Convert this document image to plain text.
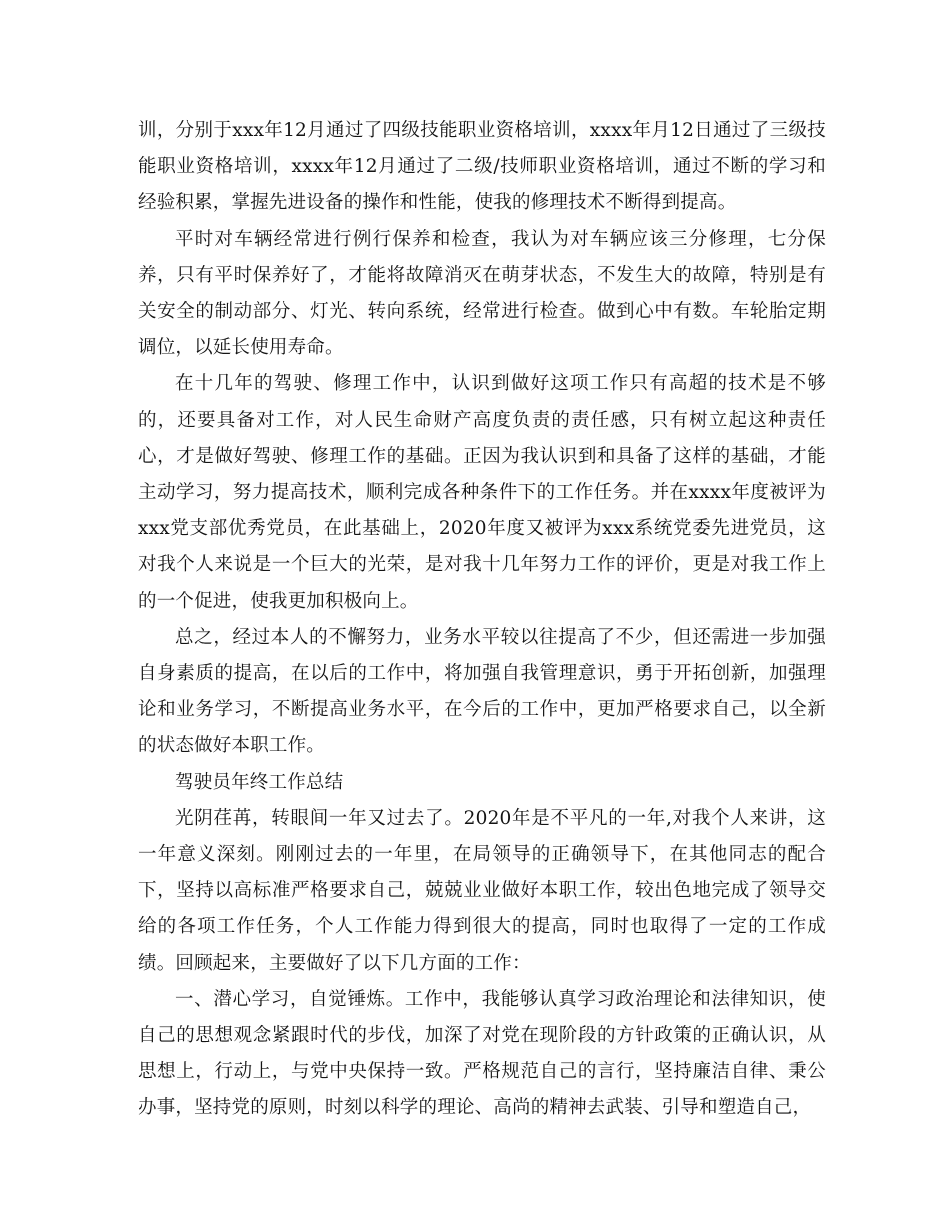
训，分别于xxx年12月通过了四级技能职业资格培训，xxxx年月12日通过了三级技能职业资格培训，xxxx年12月通过了二级/技师职业资格培训，通过不断的学习和经验积累，掌握先进设备的操作和性能，使我的修理技术不断得到提高。

平时对车辆经常进行例行保养和检查，我认为对车辆应该三分修理，七分保养，只有平时保养好了，才能将故障消灭在萌芽状态，不发生大的故障，特别是有关安全的制动部分、灯光、转向系统，经常进行检查。做到心中有数。车轮胎定期调位，以延长使用寿命。

在十几年的驾驶、修理工作中，认识到做好这项工作只有高超的技术是不够的，还要具备对工作，对人民生命财产高度负责的责任感，只有树立起这种责任心，才是做好驾驶、修理工作的基础。正因为我认识到和具备了这样的基础，才能主动学习，努力提高技术，顺利完成各种条件下的工作任务。并在xxxx年度被评为xxx党支部优秀党员，在此基础上，2020年度又被评为xxx系统党委先进党员，这对我个人来说是一个巨大的光荣，是对我十几年努力工作的评价，更是对我工作上的一个促进，使我更加积极向上。

总之，经过本人的不懈努力，业务水平较以往提高了不少，但还需进一步加强自身素质的提高，在以后的工作中，将加强自我管理意识，勇于开拓创新，加强理论和业务学习，不断提高业务水平，在今后的工作中，更加严格要求自己，以全新的状态做好本职工作。

驾驶员年终工作总结

光阴荏苒，转眼间一年又过去了。2020年是不平凡的一年,对我个人来讲，这一年意义深刻。刚刚过去的一年里，在局领导的正确领导下，在其他同志的配合下，坚持以高标准严格要求自己，兢兢业业做好本职工作，较出色地完成了领导交给的各项工作任务，个人工作能力得到很大的提高，同时也取得了一定的工作成绩。回顾起来，主要做好了以下几方面的工作：

一、潜心学习，自觉锤炼。工作中，我能够认真学习政治理论和法律知识，使自己的思想观念紧跟时代的步伐，加深了对党在现阶段的方针政策的正确认识，从思想上，行动上，与党中央保持一致。严格规范自己的言行，坚持廉洁自律、秉公办事，坚持党的原则，时刻以科学的理论、高尚的精神去武装、引导和塑造自己，
